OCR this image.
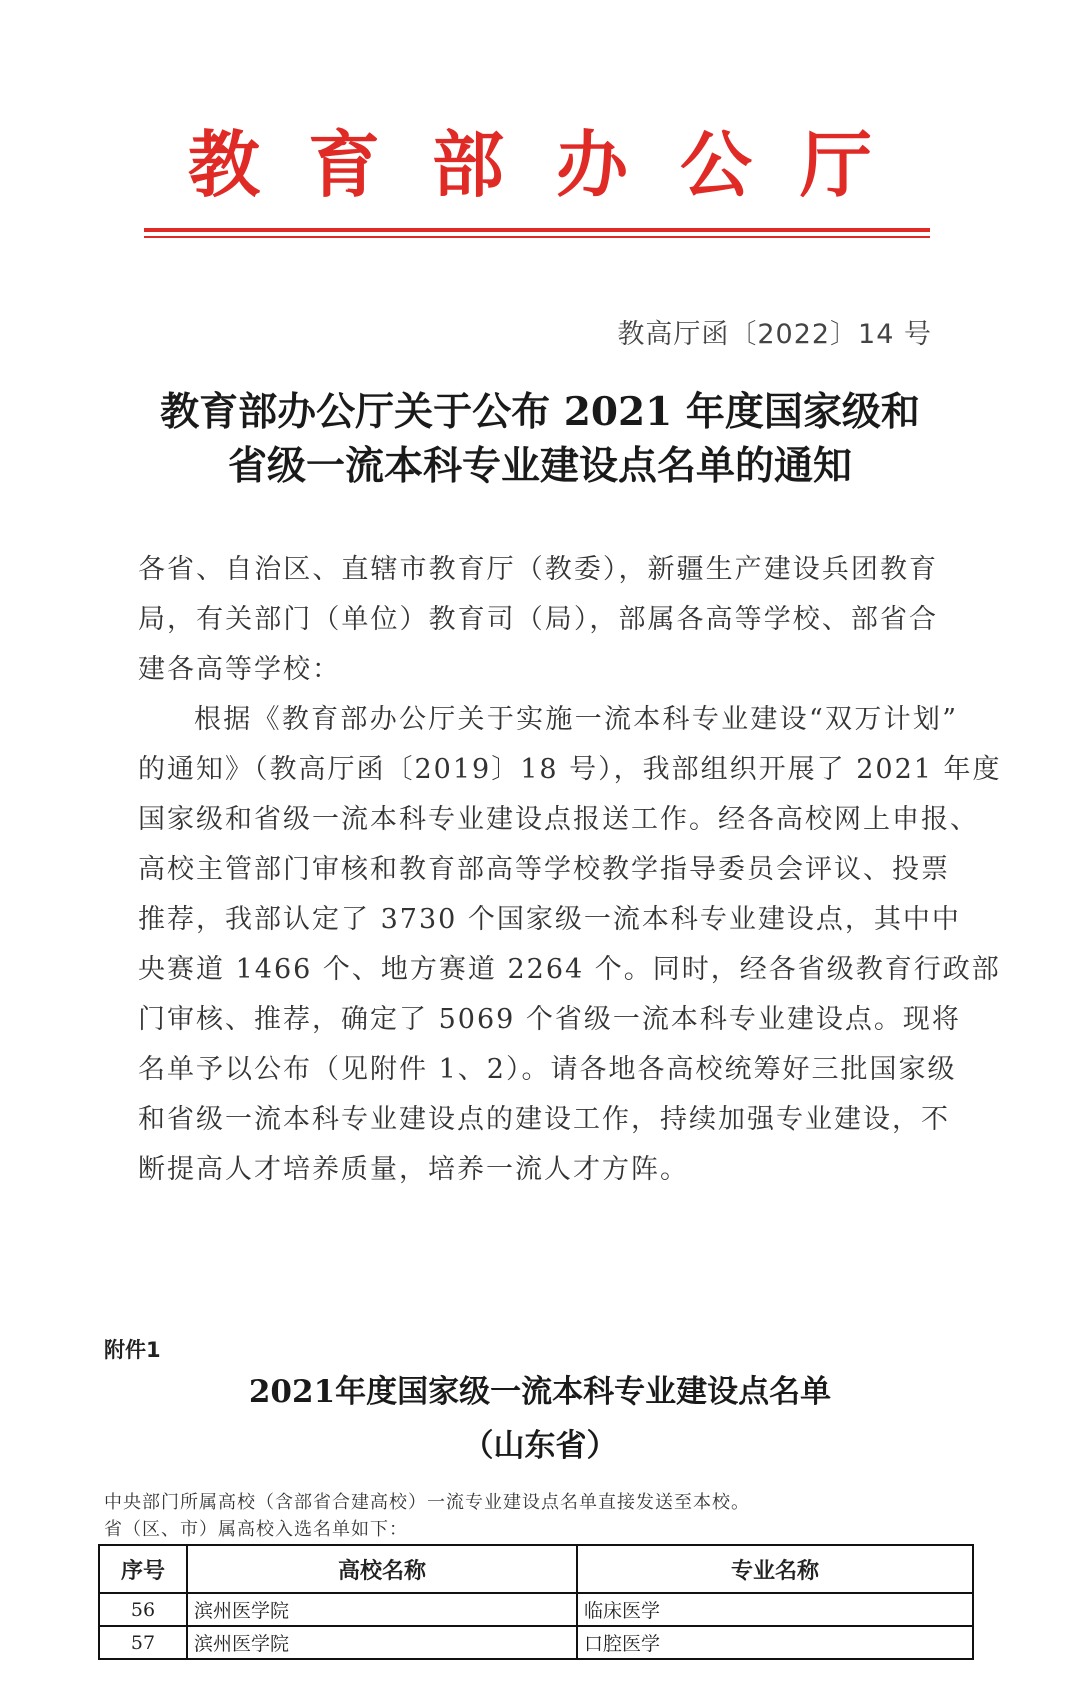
教 育 部 办 公 厅
教高厅函〔2022〕14 号
教育部办公厅关于公布 2021 年度国家级和
省级一流本科专业建设点名单的通知
各省、自治区、直辖市教育厅（教委），新疆生产建设兵团教育
局，有关部门（单位）教育司（局），部属各高等学校、部省合
建各高等学校：
根据《教育部办公厅关于实施一流本科专业建设“双万计划”
的通知》（教高厅函〔2019〕18 号），我部组织开展了 2021 年度
国家级和省级一流本科专业建设点报送工作。经各高校网上申报、
高校主管部门审核和教育部高等学校教学指导委员会评议、投票
推荐，我部认定了 3730 个国家级一流本科专业建设点，其中中
央赛道 1466 个、地方赛道 2264 个。同时，经各省级教育行政部
门审核、推荐，确定了 5069 个省级一流本科专业建设点。现将
名单予以公布（见附件 1、2）。请各地各高校统筹好三批国家级
和省级一流本科专业建设点的建设工作，持续加强专业建设，不
断提高人才培养质量，培养一流人才方阵。
附件1
2021年度国家级一流本科专业建设点名单
（山东省）
中央部门所属高校（含部省合建高校）一流专业建设点名单直接发送至本校。
省（区、市）属高校入选名单如下：
序号	高校名称	专业名称
56	滨州医学院	临床医学
57	滨州医学院	口腔医学
